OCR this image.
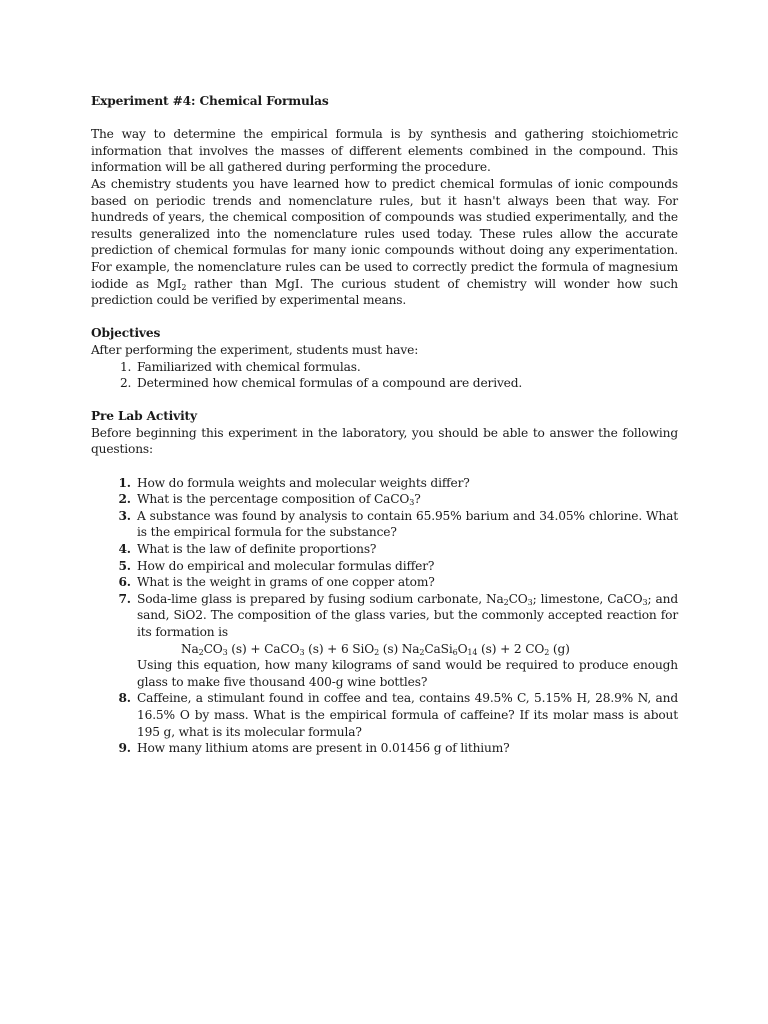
Experiment #4: Chemical Formulas

The way to determine the empirical formula is by synthesis and gathering stoichiometric information that involves the masses of different elements combined in the compound. This information will be all gathered during performing the procedure.

As chemistry students you have learned how to predict chemical formulas of ionic compounds based on periodic trends and nomenclature rules, but it hasn't always been that way. For hundreds of years, the chemical composition of compounds was studied experimentally, and the results generalized into the nomenclature rules used today. These rules allow the accurate prediction of chemical formulas for many ionic compounds without doing any experimentation. For example, the nomenclature rules can be used to correctly predict the formula of magnesium iodide as MgI$_2$ rather than MgI. The curious student of chemistry will wonder how such prediction could be verified by experimental means.

Objectives

After performing the experiment, students must have:

1. Familiarized with chemical formulas.
2. Determined how chemical formulas of a compound are derived.

Pre Lab Activity

Before beginning this experiment in the laboratory, you should be able to answer the following questions:

1. How do formula weights and molecular weights differ?
2. What is the percentage composition of CaCO$_3$?
3. A substance was found by analysis to contain 65.95% barium and 34.05% chlorine. What is the empirical formula for the substance?
4. What is the law of definite proportions?
5. How do empirical and molecular formulas differ?
6. What is the weight in grams of one copper atom?
7. Soda-lime glass is prepared by fusing sodium carbonate, $Na_2CO_3$; limestone, CaCO$_3$; and sand, SiO2. The composition of the glass varies, but the commonly accepted reaction for its formation is
$Na_2CO_3$ (s) + CaCO$_3$ (s) + 6 SiO$_2$ (s) $Na_2CaSi_6O_{14}$ (s) + 2 $CO_2$ (g)

Using this equation, how many kilograms of sand would be required to produce enough glass to make five thousand 400-g wine bottles?

8. Caffeine, a stimulant found in coffee and tea, contains 49.5% C, 5.15% H, 28.9% N, and 16.5% O by mass. What is the empirical formula of caffeine? If its molar mass is about 195 g, what is its molecular formula?
9. How many lithium atoms are present in 0.01456 g of lithium?
